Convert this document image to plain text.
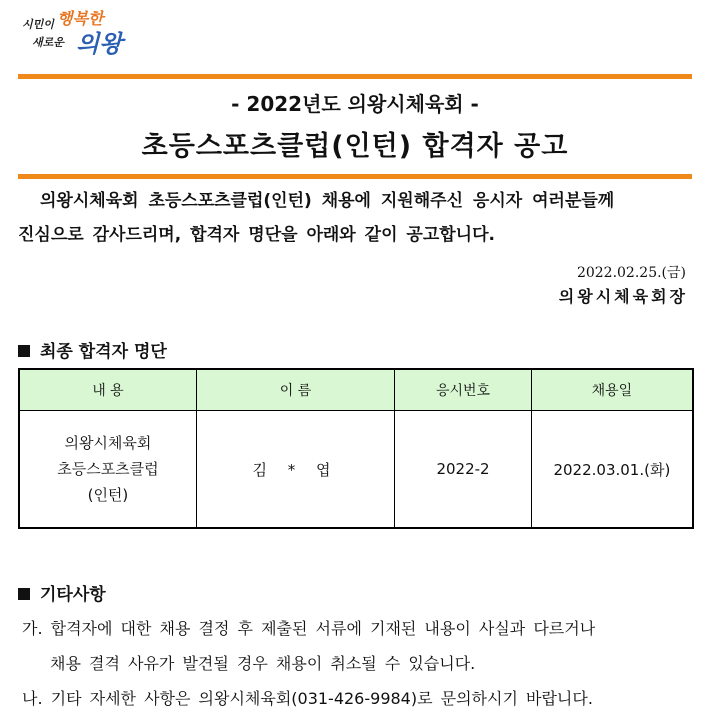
시민이 행복한
새로운 의왕
- 2022년도 의왕시체육회 -
초등스포츠클럽(인턴) 합격자 공고
의왕시체육회 초등스포츠클럽(인턴) 채용에 지원해주신 응시자 여러분들께
진심으로 감사드리며, 합격자 명단을 아래와 같이 공고합니다.
2022.02.25.(금)
의왕시체육회장
최종 합격자 명단
내 용	이 름	응시번호	채용일

의왕시체육회
초등스포츠클럽
(인턴)	김 * 엽	2022-2	2022.03.01.(화)
기타사항
가. 합격자에 대한 채용 결정 후 제출된 서류에 기재된 내용이 사실과 다르거나
채용 결격 사유가 발견될 경우 채용이 취소될 수 있습니다.
나. 기타 자세한 사항은 의왕시체육회(031-426-9984)로 문의하시기 바랍니다.
